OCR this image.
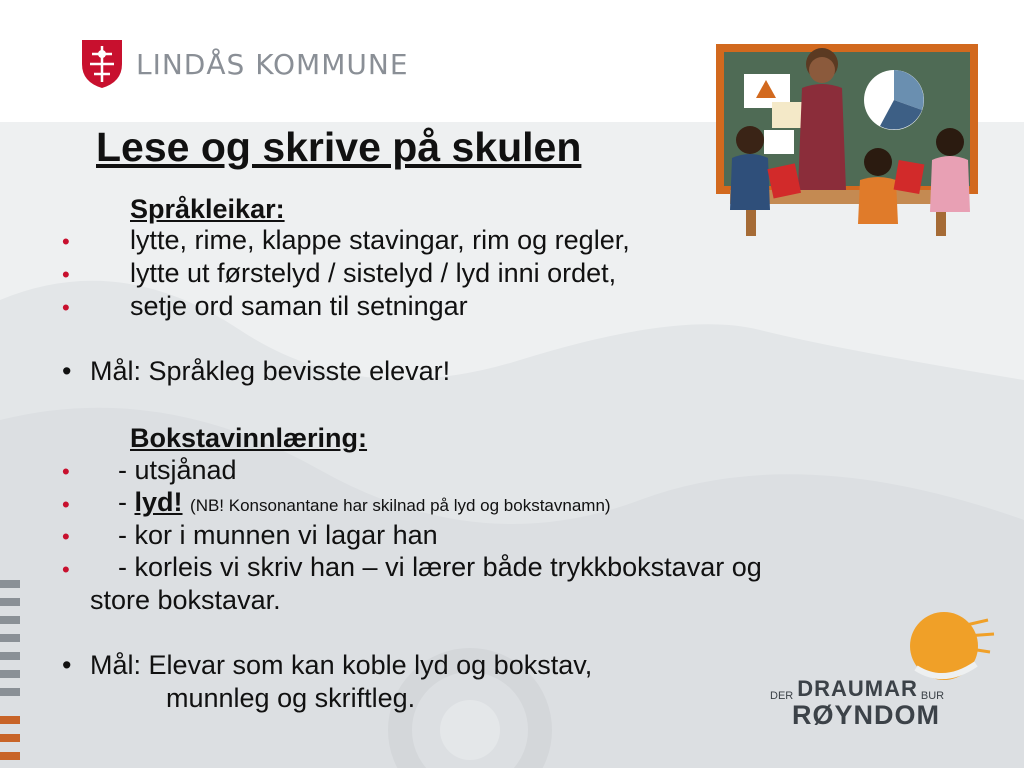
LINDÅS KOMMUNE
Lese og skrive på skulen
Språkleikar:
• lytte, rime, klappe stavingar, rim og regler,
• lytte ut førstelyd / sistelyd / lyd inni ordet,
• setje ord saman til setningar
• Mål: Språkleg bevisste elevar!
Bokstavinnlæring:
• - utsjånad
• - lyd! (NB! Konsonantane har skilnad på lyd og bokstavnamn)
• - kor i munnen vi lagar han
• - korleis vi skriv han – vi lærer både trykkbokstavar og
store bokstavar.
• Mål: Elevar som kan koble lyd og bokstav,
munnleg og skriftleg.	DER DRAUMAR BUR
RØYNDOM
